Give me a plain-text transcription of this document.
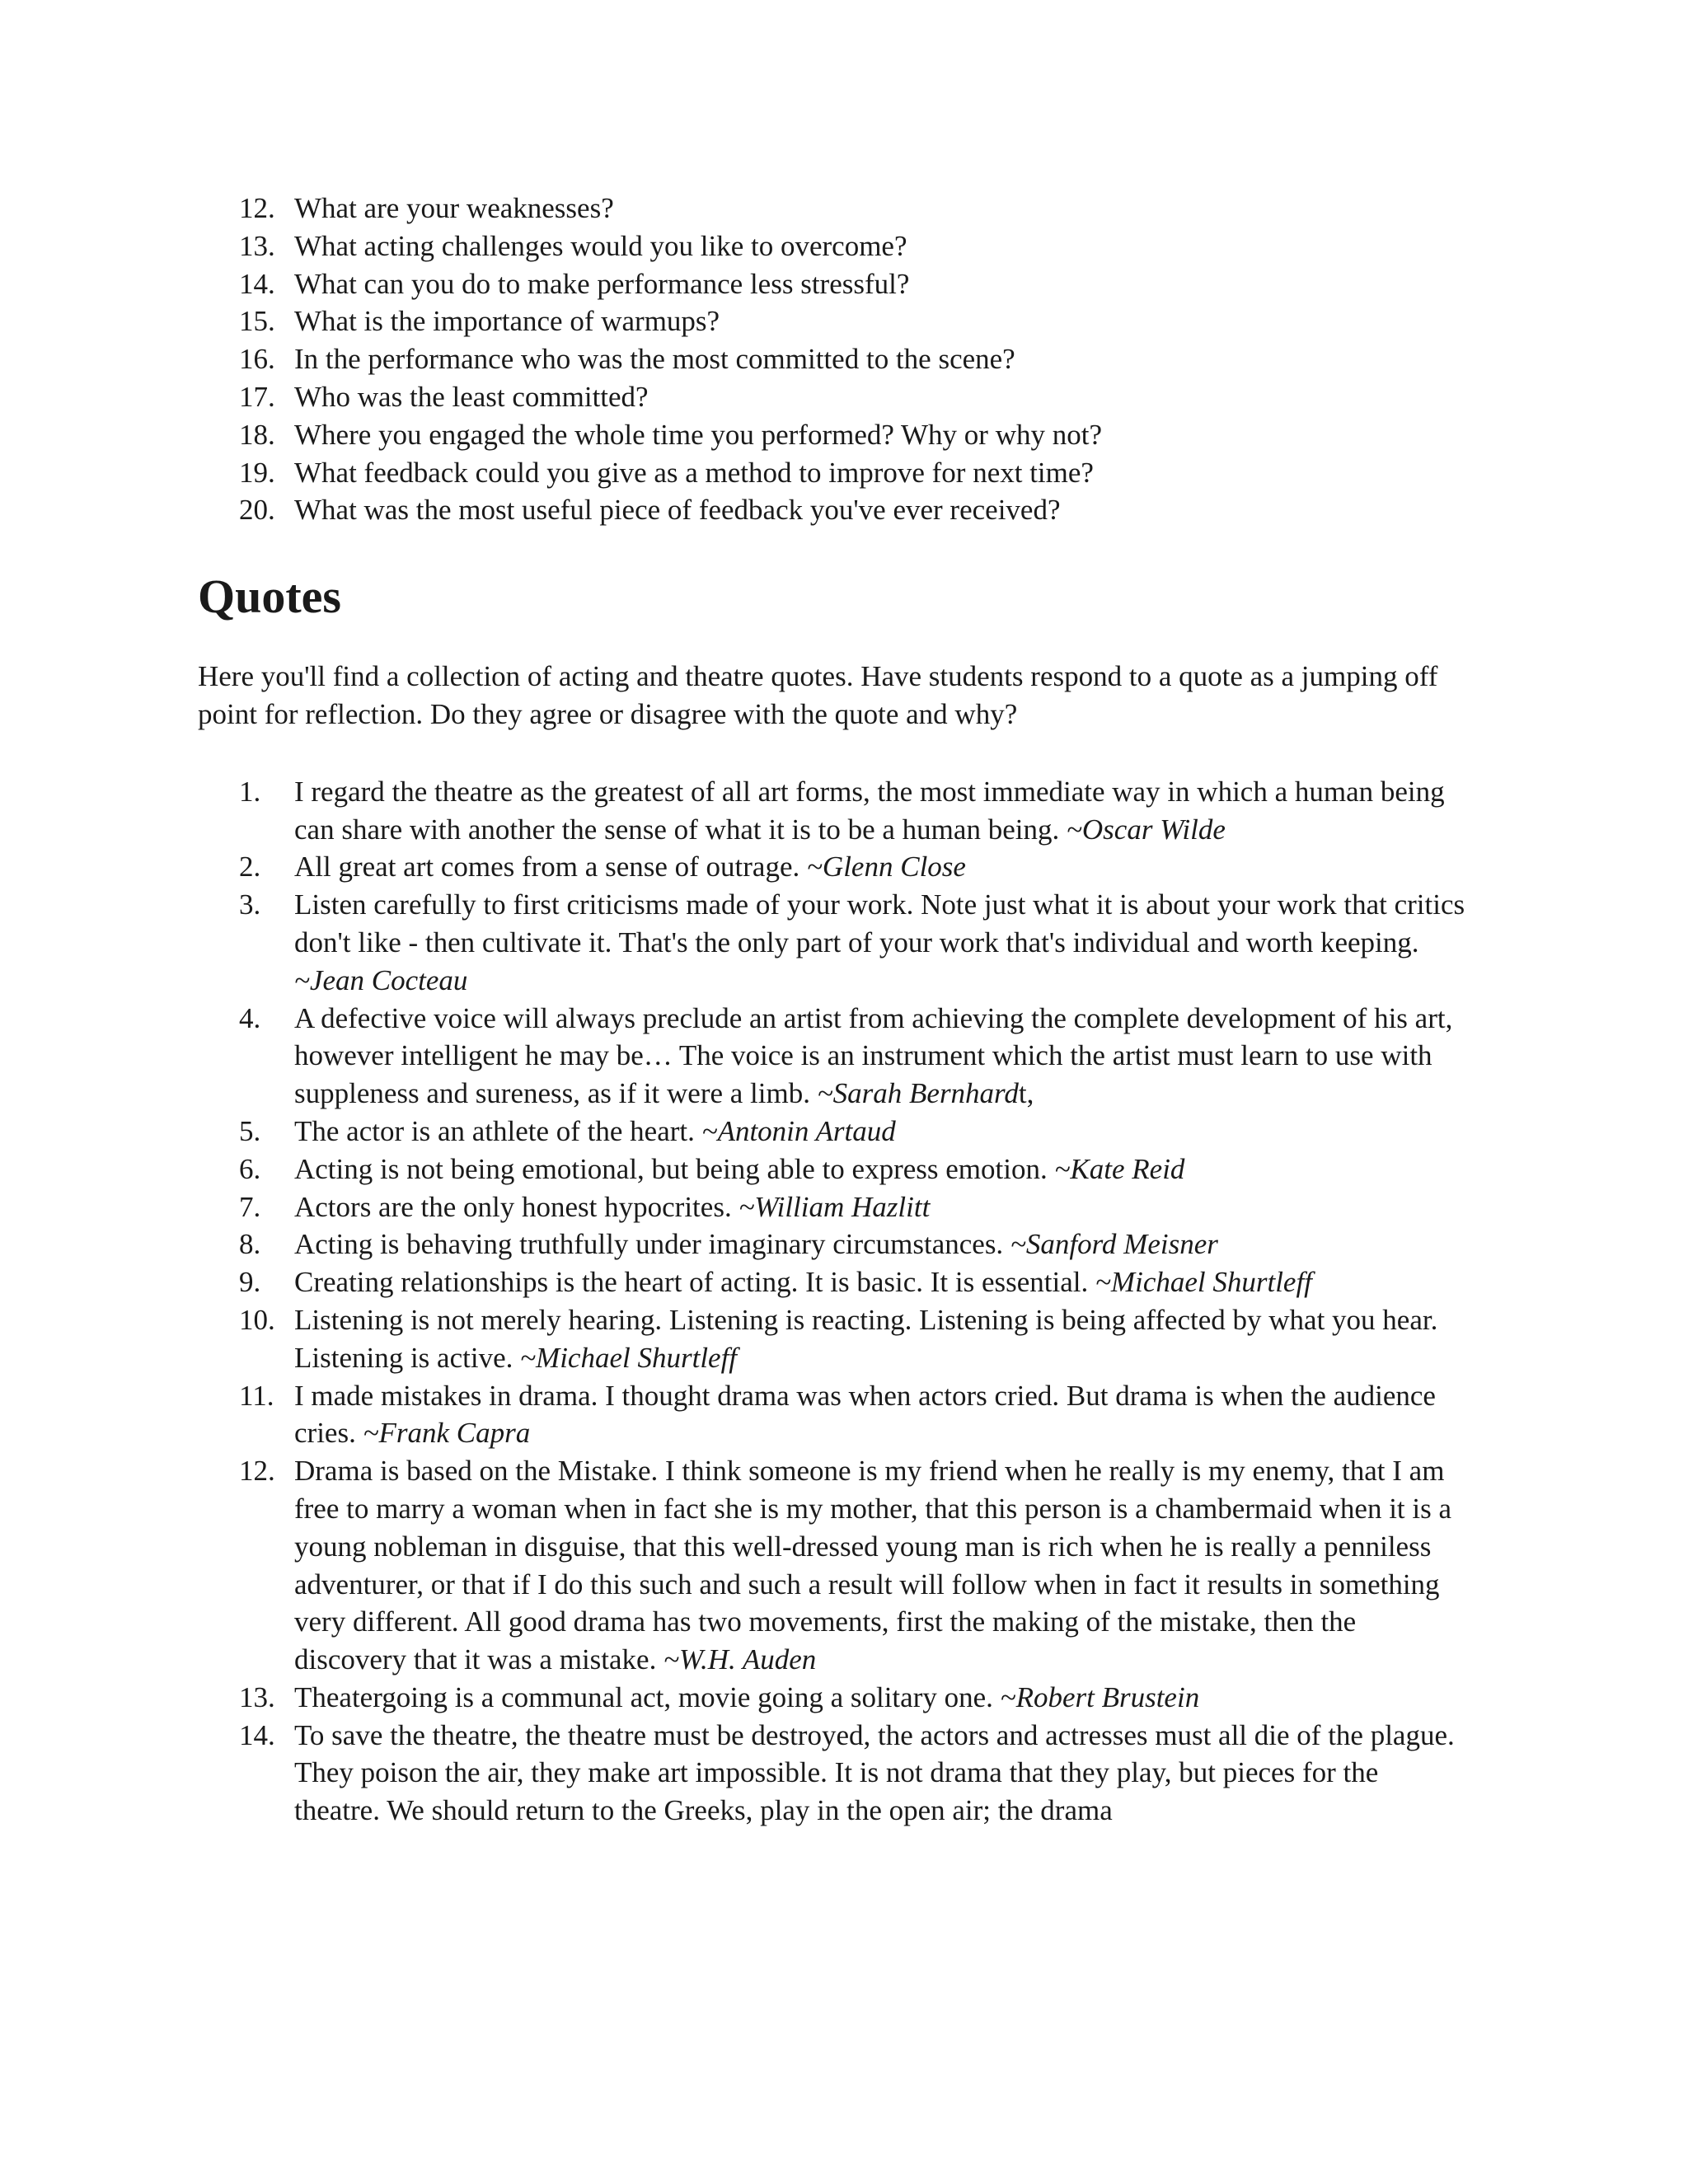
12. What are your weaknesses?
13. What acting challenges would you like to overcome?
14. What can you do to make performance less stressful?
15. What is the importance of warmups?
16. In the performance who was the most committed to the scene?
17. Who was the least committed?
18. Where you engaged the whole time you performed? Why or why not?
19. What feedback could you give as a method to improve for next time?
20. What was the most useful piece of feedback you've ever received?
Quotes

Here you'll find a collection of acting and theatre quotes. Have students respond to a quote as a jumping off point for reflection. Do they agree or disagree with the quote and why?

1. I regard the theatre as the greatest of all art forms, the most immediate way in which a human being can share with another the sense of what it is to be a human being. ~Oscar Wilde
2. All great art comes from a sense of outrage. ~Glenn Close
3. Listen carefully to first criticisms made of your work. Note just what it is about your work that critics don't like - then cultivate it. That's the only part of your work that's individual and worth keeping. ~Jean Cocteau
4. A defective voice will always preclude an artist from achieving the complete development of his art, however intelligent he may be… The voice is an instrument which the artist must learn to use with suppleness and sureness, as if it were a limb. ~Sarah Bernhardt,
5. The actor is an athlete of the heart. ~Antonin Artaud
6. Acting is not being emotional, but being able to express emotion. ~Kate Reid
7. Actors are the only honest hypocrites. ~William Hazlitt
8. Acting is behaving truthfully under imaginary circumstances. ~Sanford Meisner
9. Creating relationships is the heart of acting. It is basic. It is essential. ~Michael Shurtleff
10. Listening is not merely hearing. Listening is reacting. Listening is being affected by what you hear. Listening is active. ~Michael Shurtleff
11. I made mistakes in drama. I thought drama was when actors cried. But drama is when the audience cries. ~Frank Capra
12. Drama is based on the Mistake. I think someone is my friend when he really is my enemy, that I am free to marry a woman when in fact she is my mother, that this person is a chambermaid when it is a young nobleman in disguise, that this well-dressed young man is rich when he is really a penniless adventurer, or that if I do this such and such a result will follow when in fact it results in something very different. All good drama has two movements, first the making of the mistake, then the discovery that it was a mistake. ~W.H. Auden
13. Theatergoing is a communal act, movie going a solitary one. ~Robert Brustein
14. To save the theatre, the theatre must be destroyed, the actors and actresses must all die of the plague. They poison the air, they make art impossible. It is not drama that they play, but pieces for the theatre. We should return to the Greeks, play in the open air; the drama
